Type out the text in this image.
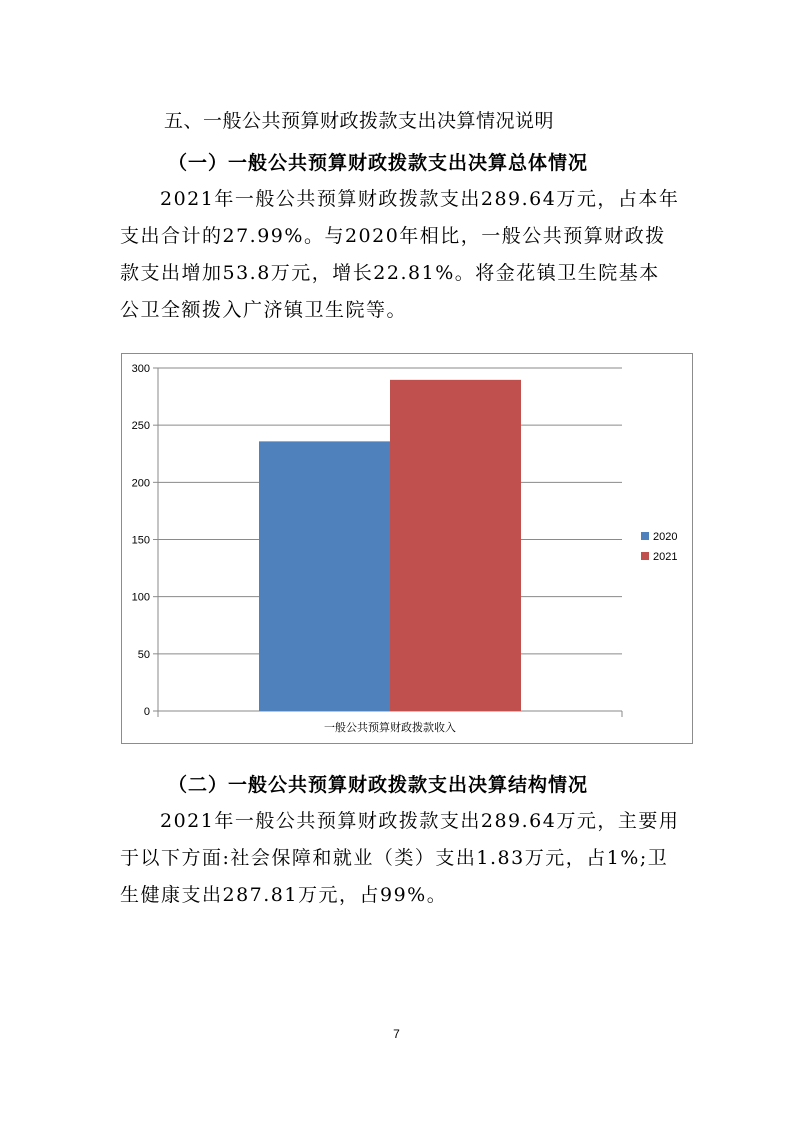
五、一般公共预算财政拨款支出决算情况说明
（一）一般公共预算财政拨款支出决算总体情况

2021年一般公共预算财政拨款支出289.64万元，占本年支出合计的27.99%。与2020年相比，一般公共预算财政拨款支出增加53.8万元，增长22.81%。将金花镇卫生院基本公卫全额拨入广济镇卫生院等。

0
50
100
150
200
250
300
一般公共预算财政拨款收入
2020
2021
（二）一般公共预算财政拨款支出决算结构情况

2021年一般公共预算财政拨款支出289.64万元，主要用于以下方面:社会保障和就业（类）支出1.83万元，占1%;卫生健康支出287.81万元，占99%。

7
